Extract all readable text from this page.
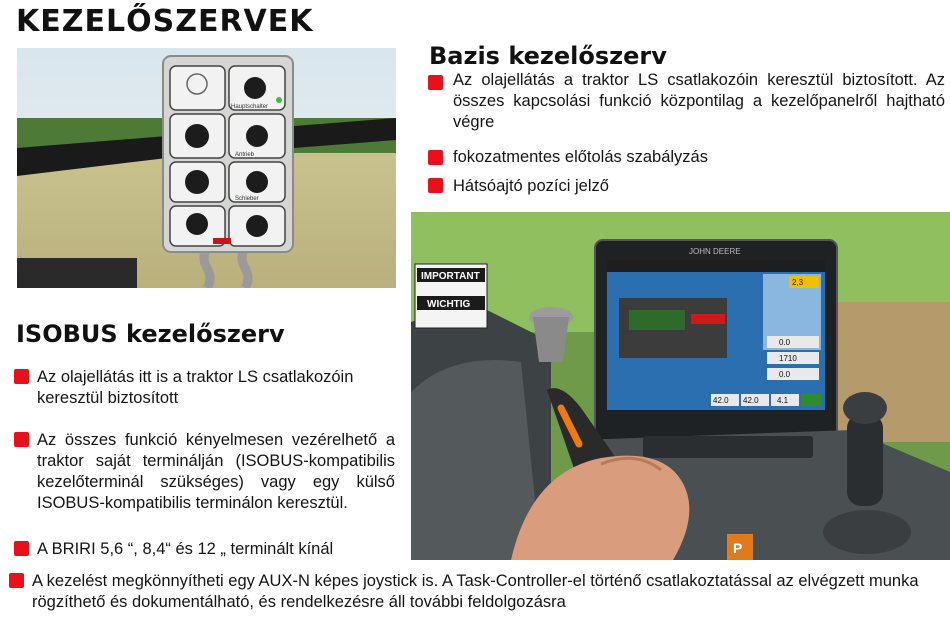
KEZELŐSZERVEK
Hauptschalter
Antrieb
Schieber
Bazis kezelőszerv
Az olajellátás a traktor LS csatlakozóin keresztül biztosított. Az összes kapcsolási funkció központilag a kezelőpanelről hajtható végre
fokozatmentes előtolás szabályzás
Hátsóajtó pozíci jelző
IMPORTANT
WICHTIG
JOHN DEERE
2,3
0.0
1710
0.0
42.0 42.0 4.1
P
ISOBUS kezelőszerv
Az olajellátás itt is a traktor LS csatlakozóin keresztül biztosított
Az összes funkció kényelmesen vezérelhető a traktor saját terminálján (ISOBUS-kompatibilis kezelőterminál szükséges) vagy egy külső ISOBUS-kompatibilis terminálon keresztül.
A BRIRI 5,6 “, 8,4“ és 12 „ terminált kínál
A kezelést megkönnyítheti egy AUX-N képes joystick is. A Task-Controller-el történő csatlakoztatással az elvégzett munka rögzíthető és dokumentálható, és rendelkezésre áll további feldolgozásra
